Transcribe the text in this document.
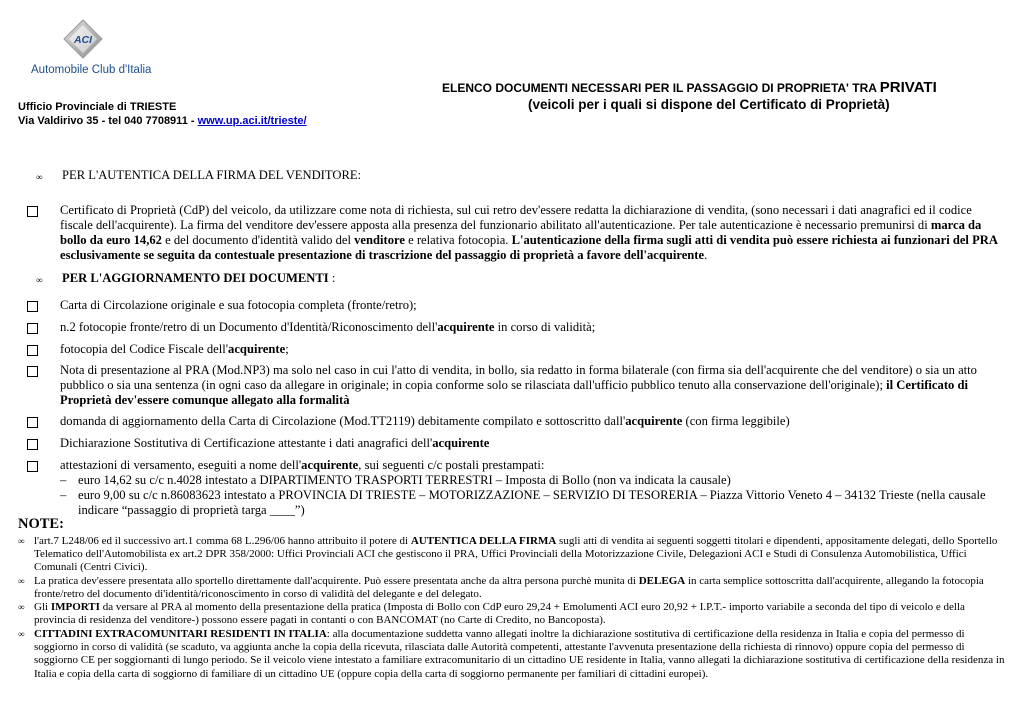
ACI
Automobile Club d'Italia
ELENCO DOCUMENTI NECESSARI PER IL PASSAGGIO DI PROPRIETA' TRA PRIVATI
(veicoli per i quali si dispone del Certificato di Proprietà)
Ufficio Provinciale di TRIESTE
Via Valdirivo 35 - tel 040 7708911 - www.up.aci.it/trieste/
∞ PER L'AUTENTICA DELLA FIRMA DEL VENDITORE:
Certificato di Proprietà (CdP) del veicolo, da utilizzare come nota di richiesta, sul cui retro dev'essere redatta la dichiarazione di vendita, (sono necessari i dati anagrafici ed il codice fiscale dell'acquirente). La firma del venditore dev'essere apposta alla presenza del funzionario abilitato all'autenticazione. Per tale autenticazione è necessario premunirsi di marca da bollo da euro 14,62 e del documento d'identità valido del venditore e relativa fotocopia. L'autenticazione della firma sugli atti di vendita può essere richiesta ai funzionari del PRA esclusivamente se seguita da contestuale presentazione di trascrizione del passaggio di proprietà a favore dell'acquirente.
∞ PER L'AGGIORNAMENTO DEI DOCUMENTI :
Carta di Circolazione originale e sua fotocopia completa (fronte/retro);
n.2 fotocopie fronte/retro di un Documento d'Identità/Riconoscimento dell'acquirente in corso di validità;
fotocopia del Codice Fiscale dell'acquirente;
Nota di presentazione al PRA (Mod.NP3) ma solo nel caso in cui l'atto di vendita, in bollo, sia redatto in forma bilaterale (con firma sia dell'acquirente che del venditore) o sia un atto pubblico o sia una sentenza (in ogni caso da allegare in originale; in copia conforme solo se rilasciata dall'ufficio pubblico tenuto alla conservazione dell'originale); il Certificato di Proprietà dev'essere comunque allegato alla formalità
domanda di aggiornamento della Carta di Circolazione (Mod.TT2119) debitamente compilato e sottoscritto dall'acquirente (con firma leggibile)
Dichiarazione Sostitutiva di Certificazione attestante i dati anagrafici dell'acquirente
attestazioni di versamento, eseguiti a nome dell'acquirente, sui seguenti c/c postali prestampati:
– euro 14,62 su c/c n.4028 intestato a DIPARTIMENTO TRASPORTI TERRESTRI – Imposta di Bollo (non va indicata la causale)
– euro 9,00 su c/c n.86083623 intestato a PROVINCIA DI TRIESTE – MOTORIZZAZIONE – SERVIZIO DI TESORERIA – Piazza Vittorio Veneto 4 – 34132 Trieste (nella causale indicare “passaggio di proprietà targa ____”)
NOTE:
∞ l'art.7 L248/06 ed il successivo art.1 comma 68 L.296/06 hanno attribuito il potere di AUTENTICA DELLA FIRMA sugli atti di vendita ai seguenti soggetti titolari e dipendenti, appositamente delegati, dello Sportello Telematico dell'Automobilista ex art.2 DPR 358/2000: Uffici Provinciali ACI che gestiscono il PRA, Uffici Provinciali della Motorizzazione Civile, Delegazioni ACI e Studi di Consulenza Automobilistica, Uffici Comunali (Centri Civici).
∞ La pratica dev'essere presentata allo sportello direttamente dall'acquirente. Può essere presentata anche da altra persona purchè munita di DELEGA in carta semplice sottoscritta dall'acquirente, allegando la fotocopia fronte/retro del documento di'identità/riconoscimento in corso di validità del delegante e del delegato.
∞ Gli IMPORTI da versare al PRA al momento della presentazione della pratica (Imposta di Bollo con CdP euro 29,24 + Emolumenti ACI euro 20,92 + I.P.T.- importo variabile a seconda del tipo di veicolo e della provincia di residenza del venditore-) possono essere pagati in contanti o con BANCOMAT (no Carte di Credito, no Bancoposta).
∞ CITTADINI EXTRACOMUNITARI RESIDENTI IN ITALIA: alla documentazione suddetta vanno allegati inoltre la dichiarazione sostitutiva di certificazione della residenza in Italia e copia del permesso di soggiorno in corso di validità (se scaduto, va aggiunta anche la copia della ricevuta, rilasciata dalle Autorità competenti, attestante l'avvenuta presentazione della richiesta di rinnovo) oppure copia del permesso di soggiorno CE per soggiornanti di lungo periodo. Se il veicolo viene intestato a familiare extracomunitario di un cittadino UE residente in Italia, vanno allegati la dichiarazione sostitutiva di certificazione della residenza in Italia e copia della carta di soggiorno di familiare di un cittadino UE (oppure copia della carta di soggiorno permanente per familiari di cittadini europei).
